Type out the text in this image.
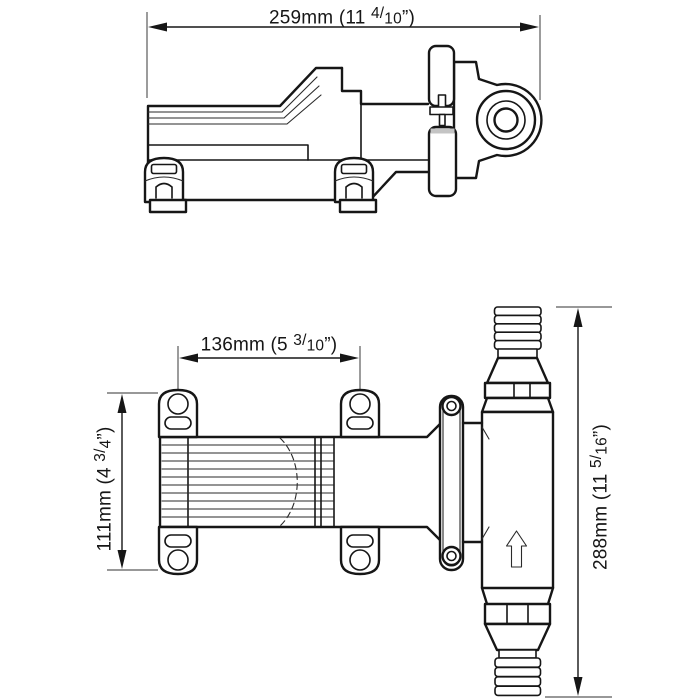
259mm (11 $^{4/}$10”)
136mm (5 $^{3/}$10”)
111mm (4 $^{3/}$4”)
288mm (11 $^{5/}$16”)
